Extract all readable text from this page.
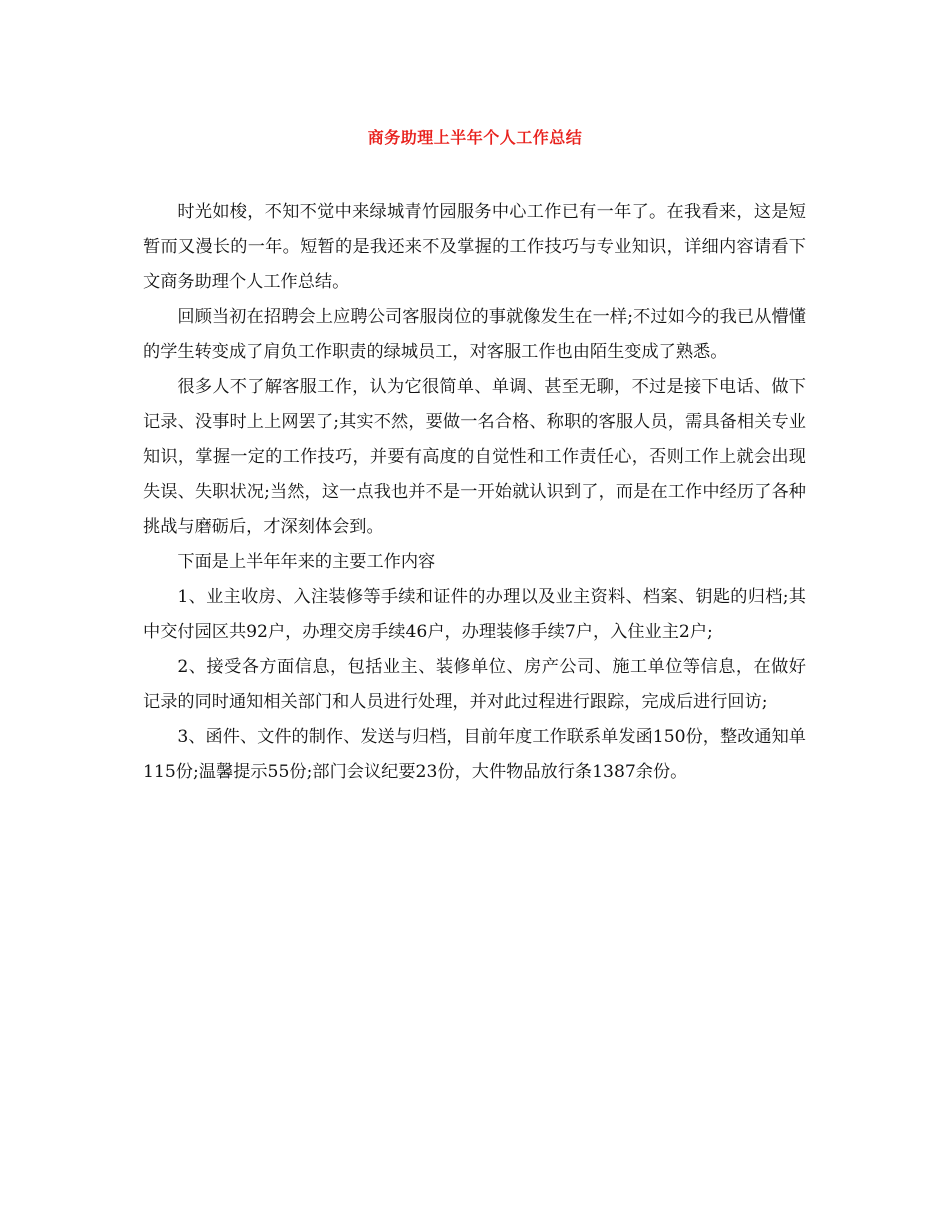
商务助理上半年个人工作总结

时光如梭，不知不觉中来绿城青竹园服务中心工作已有一年了。在我看来，这是短暂而又漫长的一年。短暂的是我还来不及掌握的工作技巧与专业知识，详细内容请看下文商务助理个人工作总结。

回顾当初在招聘会上应聘公司客服岗位的事就像发生在一样;不过如今的我已从懵懂的学生转变成了肩负工作职责的绿城员工，对客服工作也由陌生变成了熟悉。

很多人不了解客服工作，认为它很简单、单调、甚至无聊，不过是接下电话、做下记录、没事时上上网罢了;其实不然，要做一名合格、称职的客服人员，需具备相关专业知识，掌握一定的工作技巧，并要有高度的自觉性和工作责任心，否则工作上就会出现失误、失职状况;当然，这一点我也并不是一开始就认识到了，而是在工作中经历了各种挑战与磨砺后，才深刻体会到。

下面是上半年年来的主要工作内容

1、业主收房、入注装修等手续和证件的办理以及业主资料、档案、钥匙的归档;其中交付园区共92户，办理交房手续46户，办理装修手续7户，入住业主2户;

2、接受各方面信息，包括业主、装修单位、房产公司、施工单位等信息，在做好记录的同时通知相关部门和人员进行处理，并对此过程进行跟踪，完成后进行回访;

3、函件、文件的制作、发送与归档，目前年度工作联系单发函150份，整改通知单115份;温馨提示55份;部门会议纪要23份，大件物品放行条1387余份。
